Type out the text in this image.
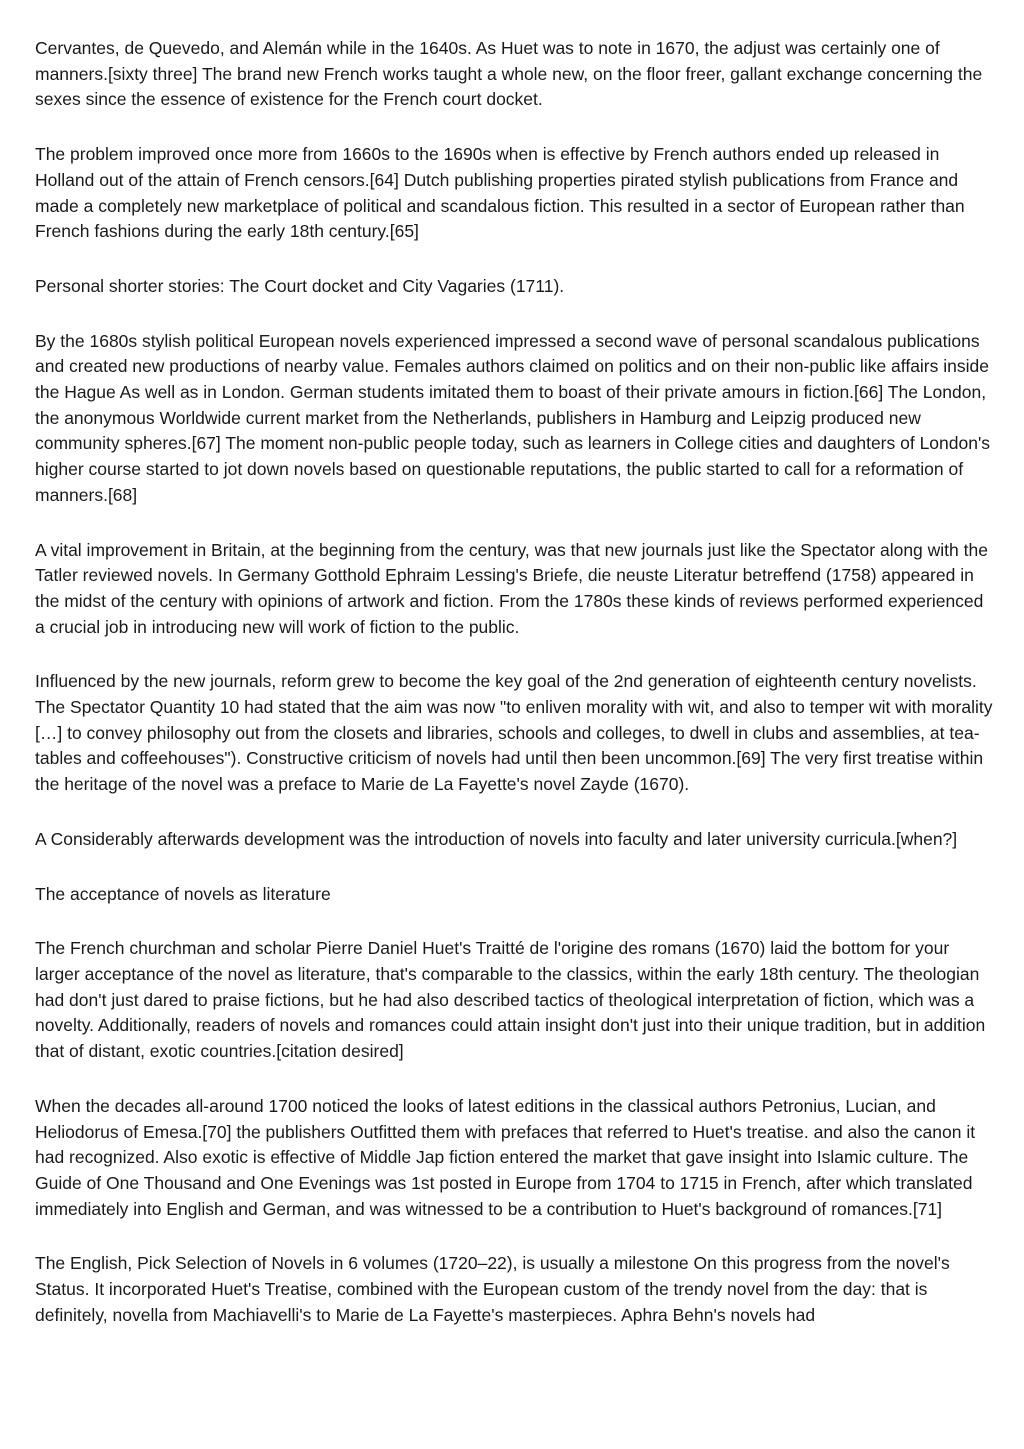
Cervantes, de Quevedo, and Alemán while in the 1640s. As Huet was to note in 1670, the adjust was certainly one of manners.[sixty three] The brand new French works taught a whole new, on the floor freer, gallant exchange concerning the sexes since the essence of existence for the French court docket.

The problem improved once more from 1660s to the 1690s when is effective by French authors ended up released in Holland out of the attain of French censors.[64] Dutch publishing properties pirated stylish publications from France and made a completely new marketplace of political and scandalous fiction. This resulted in a sector of European rather than French fashions during the early 18th century.[65]

Personal shorter stories: The Court docket and City Vagaries (1711).

By the 1680s stylish political European novels experienced impressed a second wave of personal scandalous publications and created new productions of nearby value. Females authors claimed on politics and on their non-public like affairs inside the Hague As well as in London. German students imitated them to boast of their private amours in fiction.[66] The London, the anonymous Worldwide current market from the Netherlands, publishers in Hamburg and Leipzig produced new community spheres.[67] The moment non-public people today, such as learners in College cities and daughters of London's higher course started to jot down novels based on questionable reputations, the public started to call for a reformation of manners.[68]

A vital improvement in Britain, at the beginning from the century, was that new journals just like the Spectator along with the Tatler reviewed novels. In Germany Gotthold Ephraim Lessing's Briefe, die neuste Literatur betreffend (1758) appeared in the midst of the century with opinions of artwork and fiction. From the 1780s these kinds of reviews performed experienced a crucial job in introducing new will work of fiction to the public.

Influenced by the new journals, reform grew to become the key goal of the 2nd generation of eighteenth century novelists. The Spectator Quantity 10 had stated that the aim was now "to enliven morality with wit, and also to temper wit with morality […] to convey philosophy out from the closets and libraries, schools and colleges, to dwell in clubs and assemblies, at tea-tables and coffeehouses"). Constructive criticism of novels had until then been uncommon.[69] The very first treatise within the heritage of the novel was a preface to Marie de La Fayette's novel Zayde (1670).

A Considerably afterwards development was the introduction of novels into faculty and later university curricula.[when?]

The acceptance of novels as literature

The French churchman and scholar Pierre Daniel Huet's Traitté de l'origine des romans (1670) laid the bottom for your larger acceptance of the novel as literature, that's comparable to the classics, within the early 18th century. The theologian had don't just dared to praise fictions, but he had also described tactics of theological interpretation of fiction, which was a novelty. Additionally, readers of novels and romances could attain insight don't just into their unique tradition, but in addition that of distant, exotic countries.[citation desired]

When the decades all-around 1700 noticed the looks of latest editions in the classical authors Petronius, Lucian, and Heliodorus of Emesa.[70] the publishers Outfitted them with prefaces that referred to Huet's treatise. and also the canon it had recognized. Also exotic is effective of Middle Jap fiction entered the market that gave insight into Islamic culture. The Guide of One Thousand and One Evenings was 1st posted in Europe from 1704 to 1715 in French, after which translated immediately into English and German, and was witnessed to be a contribution to Huet's background of romances.[71]

The English, Pick Selection of Novels in 6 volumes (1720–22), is usually a milestone On this progress from the novel's Status. It incorporated Huet's Treatise, combined with the European custom of the trendy novel from the day: that is definitely, novella from Machiavelli's to Marie de La Fayette's masterpieces. Aphra Behn's novels had
